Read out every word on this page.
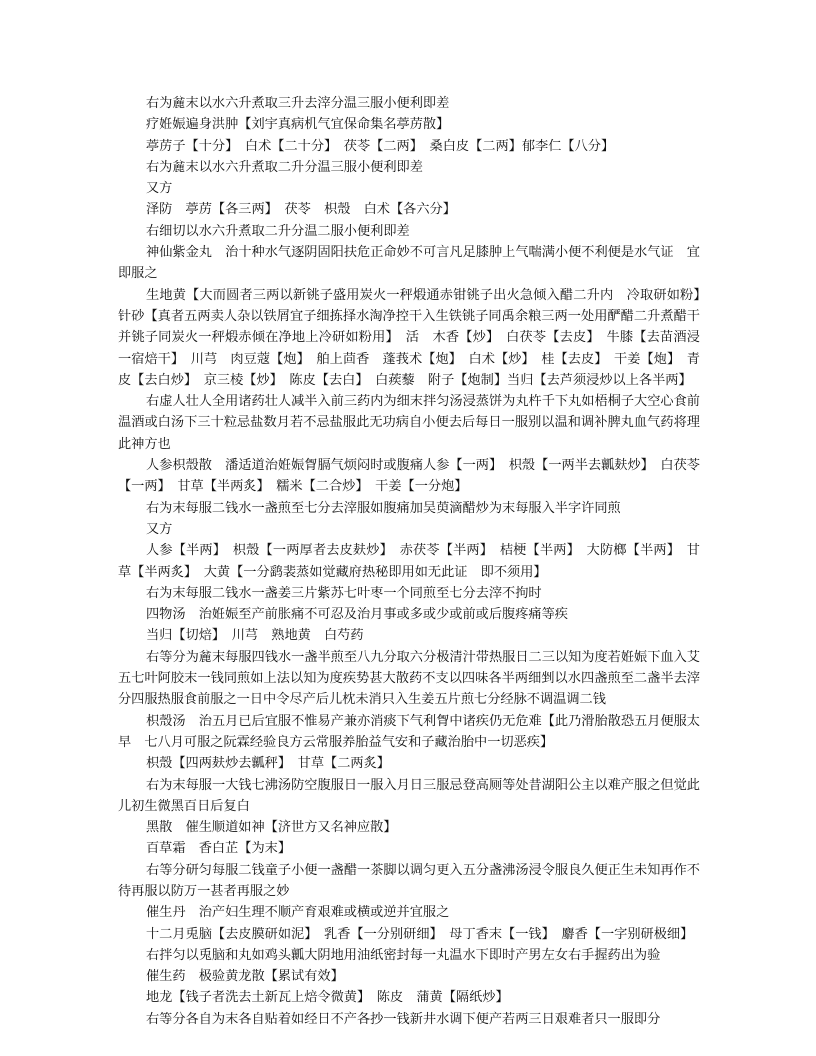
右为麄末以水六升煮取三升去滓分温三服小便利即差

疗姙娠遍身洪肿【刘宇真病机气宜保命集名葶苈散】

葶苈子【十分】　白术【二十分】　茯苓【二两】　桑白皮【二两】郁李仁【八分】

右为麄末以水六升煮取二升分温三服小便利即差

又方

泽防　葶苈【各三两】　茯苓　枳殼　白术【各六分】

右细切以水六升煮取二升分温二服小便利即差

神仙紫金丸　治十种水气逐阴固阳扶危正命妙不可言凡足膝肿上气喘满小便不利便是水气证　宜即服之

生地黄【大而圆者三两以新铫子盛用炭火一秤煅通赤钳铫子出火急倾入醋二升内　冷取研如粉】　针砂【真者五两卖人杂以铁屑宜子细拣择水淘净控干入生铁铫子同禹余粮三两一处用酽醋二升煮醋干并铫子同炭火一秤煅赤倾在净地上冷研如粉用】　活　木香【炒】　白茯苓【去皮】　牛膝【去苗酒浸一宿焙干】　川芎　肉豆蔻【炮】　舶上茴香　蓬莪术【炮】　白术【炒】　桂【去皮】　干姜【炮】　青皮【去白炒】　京三棱【炒】　陈皮【去白】　白蒺藜　附子【炮制】当归【去芦须浸炒以上各半两】

右虚人壮人全用诸药壮人减半入前三药内为细末拌匀汤浸蒸饼为丸杵千下丸如梧桐子大空心食前温酒或白汤下三十粒忌盐数月若不忌盐服此无功病自小便去后每日一服别以温和调补脾丸血气药将理此神方也

人参枳殼散　潘适道治姙娠胷膈气烦闷时或腹痛人参【一两】　枳殼【一两半去瓤麸炒】　白茯苓【一两】　甘草【半两炙】　糯米【二合炒】　干姜【一分炮】

右为末每服二钱水一盏煎至七分去滓服如腹痛加吴萸滴醋炒为末每服入半字许同煎

又方

人参【半两】　枳殼【一两厚者去皮麸炒】　赤茯苓【半两】　桔梗【半两】　大防榔【半两】　甘草【半两炙】　大黄【一分鹞裴蒸如觉藏府热秘即用如无此证　即不须用】

右为末每服二钱水一盏姜三片紫苏七叶枣一个同煎至七分去滓不拘时

四物汤　治姙娠至产前胀痛不可忍及治月事或多或少或前或后腹疼痛等疾

当归【切焙】　川芎　熟地黄　白芍药

右等分为麄末每服四钱水一盏半煎至八九分取六分极清汁带热服日二三以知为度若姙娠下血入艾五七叶阿胶末一钱同煎如上法以知为度疾势甚大散药不支以四味各半两细剉以水四盏煎至二盏半去滓分四服热服食前服之一日中令尽产后儿枕未消只入生姜五片煎七分经脉不调温调二钱

枳殼汤　治五月已后宜服不惟易产兼亦消痰下气利胷中诸疾仍无危难【此乃滑胎散恐五月便服太早　七八月可服之阮霖经验良方云常服养胎益气安和子藏治胎中一切恶疾】

枳殼【四两麸炒去瓤秤】　甘草【二两炙】

右为末每服一大钱七沸汤防空腹服日一服入月日三服忌登高厕等处昔湖阳公主以难产服之但觉此儿初生微黑百日后复白

黑散　催生顺道如神【济世方又名神应散】

百草霜　香白芷【为末】

右等分研匀每服二钱童子小便一盏醋一茶脚以调匀更入五分盏沸汤浸令服良久便正生未知再作不待再服以防万一甚者再服之妙

催生丹　治产妇生理不顺产育艰难或横或逆并宜服之

十二月兎脑【去皮膜研如泥】　乳香【一分别研细】　母丁香末【一钱】　麝香【一字别研极细】

右拌匀以兎脑和丸如鸡头瓤大阴地用油纸密封每一丸温水下即时产男左女右手握药出为验

催生药　极验黄龙散【累试有效】

地龙【钱子者洗去土新瓦上焙令微黄】　陈皮　蒲黄【隔纸炒】

右等分各自为末各自贴着如经日不产各抄一钱新井水调下便产若两三日艰难者只一服即分
